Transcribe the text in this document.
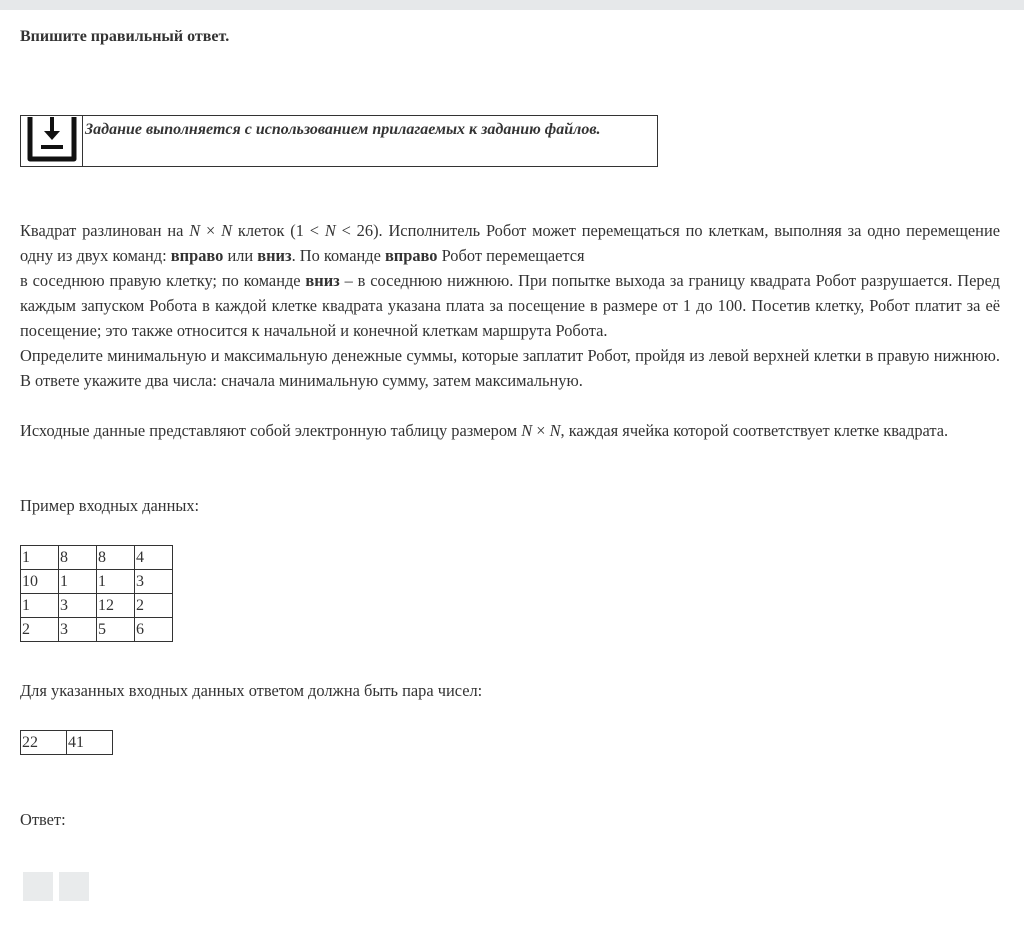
Впишите правильный ответ.
Задание выполняется с использованием прилагаемых к заданию файлов.

Квадрат разлинован на N × N клеток (1 < N < 26). Исполнитель Робот может перемещаться по клеткам, выполняя за одно перемещение одну из двух команд: вправо или вниз. По команде вправо Робот перемещается

в соседнюю правую клетку; по команде вниз – в соседнюю нижнюю. При попытке выхода за границу квадрата Робот разрушается. Перед каждым запуском Робота в каждой клетке квадрата указана плата за посещение в размере от 1 до 100. Посетив клетку, Робот платит за её посещение; это также относится к начальной и конечной клеткам маршрута Робота.

Определите минимальную и максимальную денежные суммы, которые заплатит Робот, пройдя из левой верхней клетки в правую нижнюю. В ответе укажите два числа: сначала минимальную сумму, затем максимальную.

Исходные данные представляют собой электронную таблицу размером N × N, каждая ячейка которой соответствует клетке квадрата.

Пример входных данных:
1	8	8	4
10	1	1	3
1	3	12	2
2	3	5	6
Для указанных входных данных ответом должна быть пара чисел:
22	41
Ответ:
